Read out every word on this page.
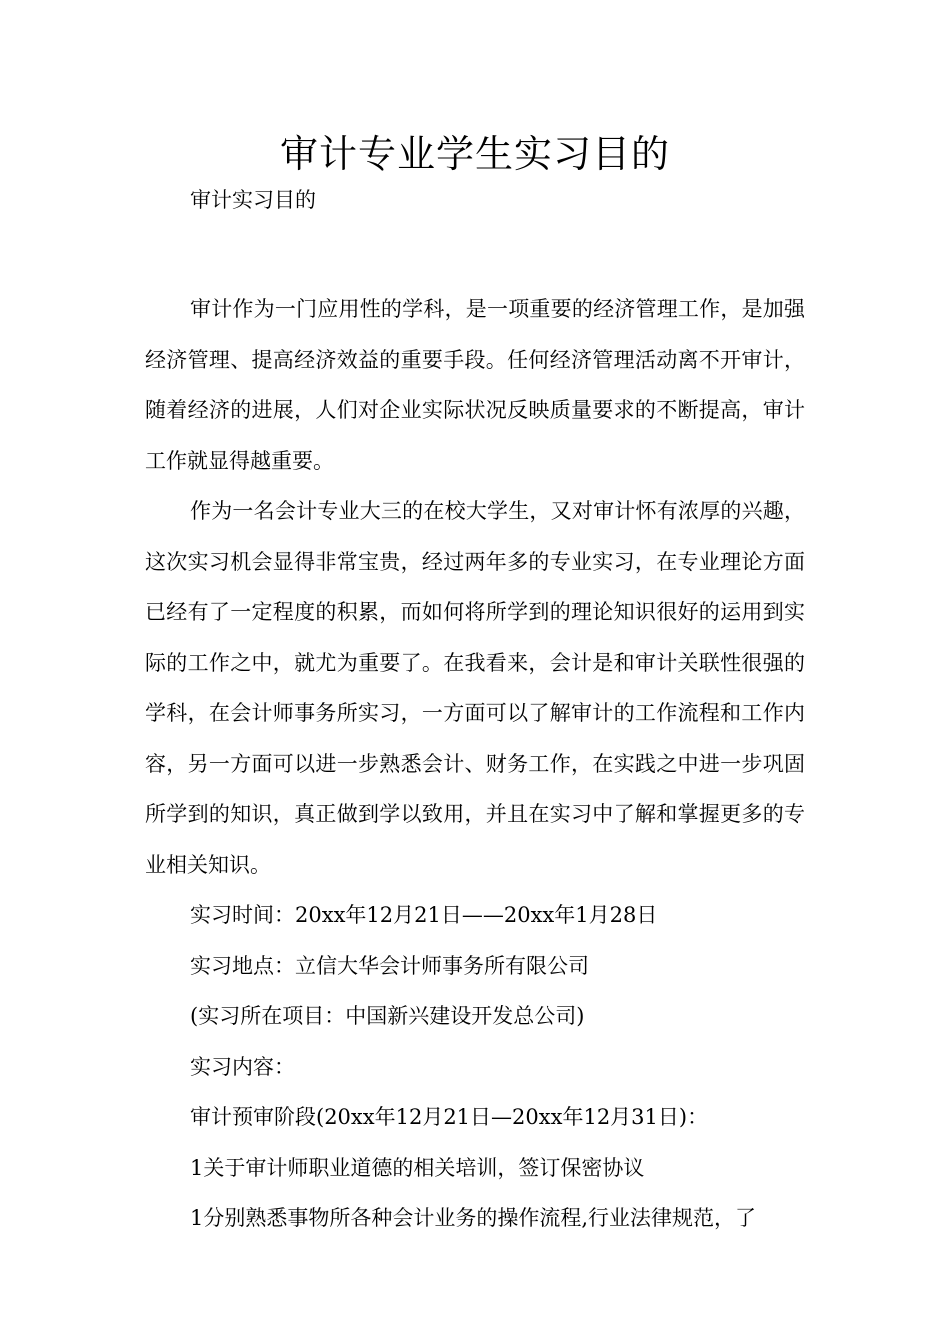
审计专业学生实习目的

审计实习目的

审计作为一门应用性的学科，是一项重要的经济管理工作，是加强经济管理、提高经济效益的重要手段。任何经济管理活动离不开审计，随着经济的进展，人们对企业实际状况反映质量要求的不断提高，审计工作就显得越重要。

作为一名会计专业大三的在校大学生，又对审计怀有浓厚的兴趣，这次实习机会显得非常宝贵，经过两年多的专业实习，在专业理论方面已经有了一定程度的积累，而如何将所学到的理论知识很好的运用到实际的工作之中，就尤为重要了。在我看来，会计是和审计关联性很强的学科，在会计师事务所实习，一方面可以了解审计的工作流程和工作内容，另一方面可以进一步熟悉会计、财务工作，在实践之中进一步巩固所学到的知识，真正做到学以致用，并且在实习中了解和掌握更多的专业相关知识。

实习时间：20xx年12月21日——20xx年1月28日

实习地点：立信大华会计师事务所有限公司

(实习所在项目：中国新兴建设开发总公司)

实习内容：

审计预审阶段(20xx年12月21日—20xx年12月31日)：

1关于审计师职业道德的相关培训，签订保密协议

1分别熟悉事物所各种会计业务的操作流程,行业法律规范，了
